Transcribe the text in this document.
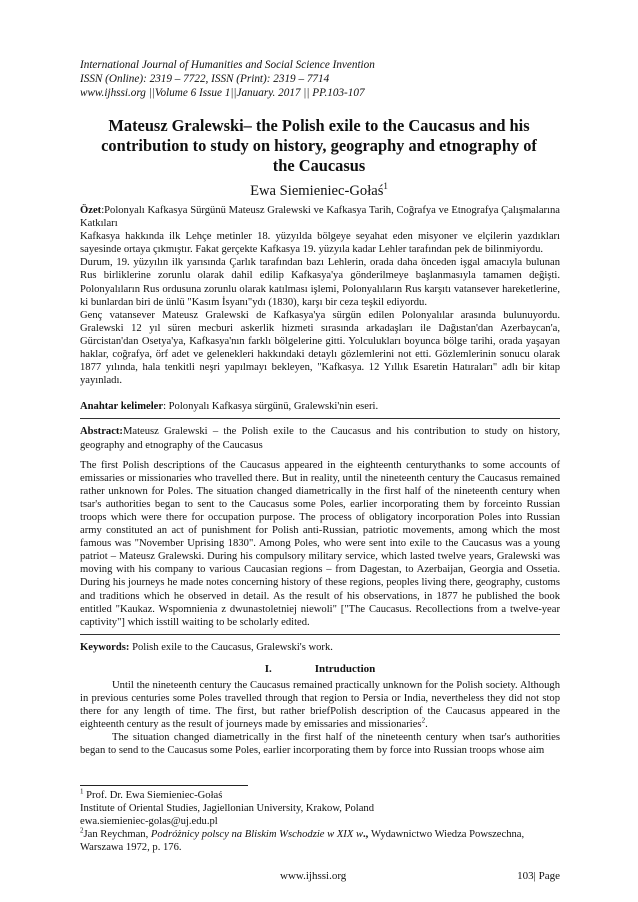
International Journal of Humanities and Social Science Invention
ISSN (Online): 2319 – 7722, ISSN (Print): 2319 – 7714
www.ijhssi.org ||Volume 6 Issue 1||January. 2017 || PP.103-107
Mateusz Gralewski– the Polish exile to the Caucasus and his
contribution to study on history, geography and etnography of
the Caucasus
Ewa Siemieniec-Gołaś$^1$

Özet:Polonyalı Kafkasya Sürgünü Mateusz Gralewski ve Kafkasya Tarih, Coğrafya ve Etnografya Çalışmalarına Katkıları

Kafkasya hakkında ilk Lehçe metinler 18. yüzyılda bölgeye seyahat eden misyoner ve elçilerin yazdıkları sayesinde ortaya çıkmıştır. Fakat gerçekte Kafkasya 19. yüzyıla kadar Lehler tarafından pek de bilinmiyordu.

Durum, 19. yüzyılın ilk yarısında Çarlık tarafından bazı Lehlerin, orada daha önceden işgal amacıyla bulunan Rus birliklerine zorunlu olarak dahil edilip Kafkasya'ya gönderilmeye başlanmasıyla tamamen değişti. Polonyalıların Rus ordusuna zorunlu olarak katılması işlemi, Polonyalıların Rus karşıtı vatansever hareketlerine, ki bunlardan biri de ünlü "Kasım İsyanı"ydı (1830), karşı bir ceza teşkil ediyordu.

Genç vatansever Mateusz Gralewski de Kafkasya'ya sürgün edilen Polonyalılar arasında bulunuyordu. Gralewski 12 yıl süren mecburi askerlik hizmeti sırasında arkadaşları ile Dağıstan'dan Azerbaycan'a, Gürcistan'dan Osetya'ya, Kafkasya'nın farklı bölgelerine gitti. Yolculukları boyunca bölge tarihi, orada yaşayan haklar, coğrafya, örf adet ve gelenekleri hakkındaki detaylı gözlemlerini not etti. Gözlemlerinin sonucu olarak 1877 yılında, hala tenkitli neşri yapılmayı bekleyen, "Kafkasya. 12 Yıllık Esaretin Hatıraları" adlı bir kitap yayınladı.

Anahtar kelimeler: Polonyalı Kafkasya sürgünü, Gralewski'nin eseri.

Abstract:Mateusz Gralewski – the Polish exile to the Caucasus and his contribution to study on history, geography and etnography of the Caucasus

The first Polish descriptions of the Caucasus appeared in the eighteenth centurythanks to some accounts of emissaries or missionaries who travelled there. But in reality, until the nineteenth century the Caucasus remained rather unknown for Poles. The situation changed diametrically in the first half of the nineteenth century when tsar's authorities began to sent to the Caucasus some Poles, earlier incorporating them by forceinto Russian troops which were there for occupation purpose. The process of obligatory incorporation Poles into Russian army constituted an act of punishment for Polish anti-Russian, patriotic movements, among which the most famous was "November Uprising 1830". Among Poles, who were sent into exile to the Caucasus was a young patriot – Mateusz Gralewski. During his compulsory military service, which lasted twelve years, Gralewski was moving with his company to various Caucasian regions – from Dagestan, to Azerbaijan, Georgia and Ossetia. During his journeys he made notes concerning history of these regions, peoples living there, geography, customs and traditions which he observed in detail. As the result of his observations, in 1877 he published the book entitled "Kaukaz. Wspomnienia z dwunastoletniej niewoli" ["The Caucasus. Recollections from a twelve-year captivity"] which isstill waiting to be scholarly edited.

Keywords: Polish exile to the Caucasus, Gralewski's work.

I.	Intruduction

Until the nineteenth century the Caucasus remained practically unknown for the Polish society. Although in previous centuries some Poles travelled through that region to Persia or India, nevertheless they did not stop there for any length of time. The first, but rather briefPolish description of the Caucasus appeared in the eighteenth century as the result of journeys made by emissaries and missionaries$^2$.

The situation changed diametrically in the first half of the nineteenth century when tsar's authorities began to send to the Caucasus some Poles, earlier incorporating them by force into Russian troops whose aim

$^1$ Prof. Dr. Ewa Siemieniec-Gołaś

Institute of Oriental Studies, Jagiellonian University, Krakow, Poland

ewa.siemieniec-golas@uj.edu.pl

$^2$Jan Reychman, Podróżnicy polscy na Bliskim Wschodzie w XIX w., Wydawnictwo Wiedza Powszechna, Warszawa 1972, p. 176.

www.ijhssi.org	103| Page
